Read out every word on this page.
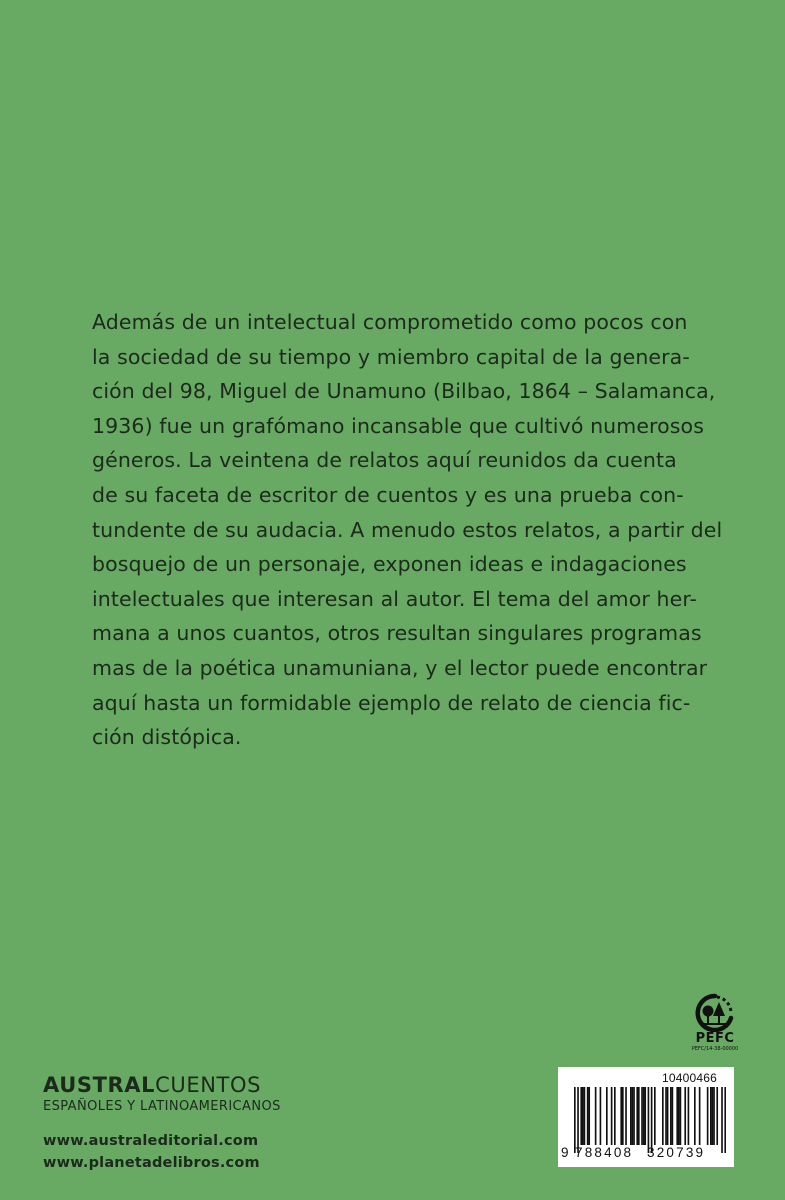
Además de un intelectual comprometido como pocos con
la sociedad de su tiempo y miembro capital de la genera-
ción del 98, Miguel de Unamuno (Bilbao, 1864 – Salamanca,
1936) fue un grafómano incansable que cultivó numerosos
géneros. La veintena de relatos aquí reunidos da cuenta
de su faceta de escritor de cuentos y es una prueba con-
tundente de su audacia. A menudo estos relatos, a partir del
bosquejo de un personaje, exponen ideas e indagaciones
intelectuales que interesan al autor. El tema del amor her-
mana a unos cuantos, otros resultan singulares programas
mas de la poética unamuniana, y el lector puede encontrar
aquí hasta un formidable ejemplo de relato de ciencia fic-
ción distópica.
AUSTRALCUENTOS
ESPAÑOLES Y LATINOAMERICANOS
www.australeditorial.com
www.planetadelibros.com
PEFC
PEFC/14-38-00000
10400466
9 788408 320739
